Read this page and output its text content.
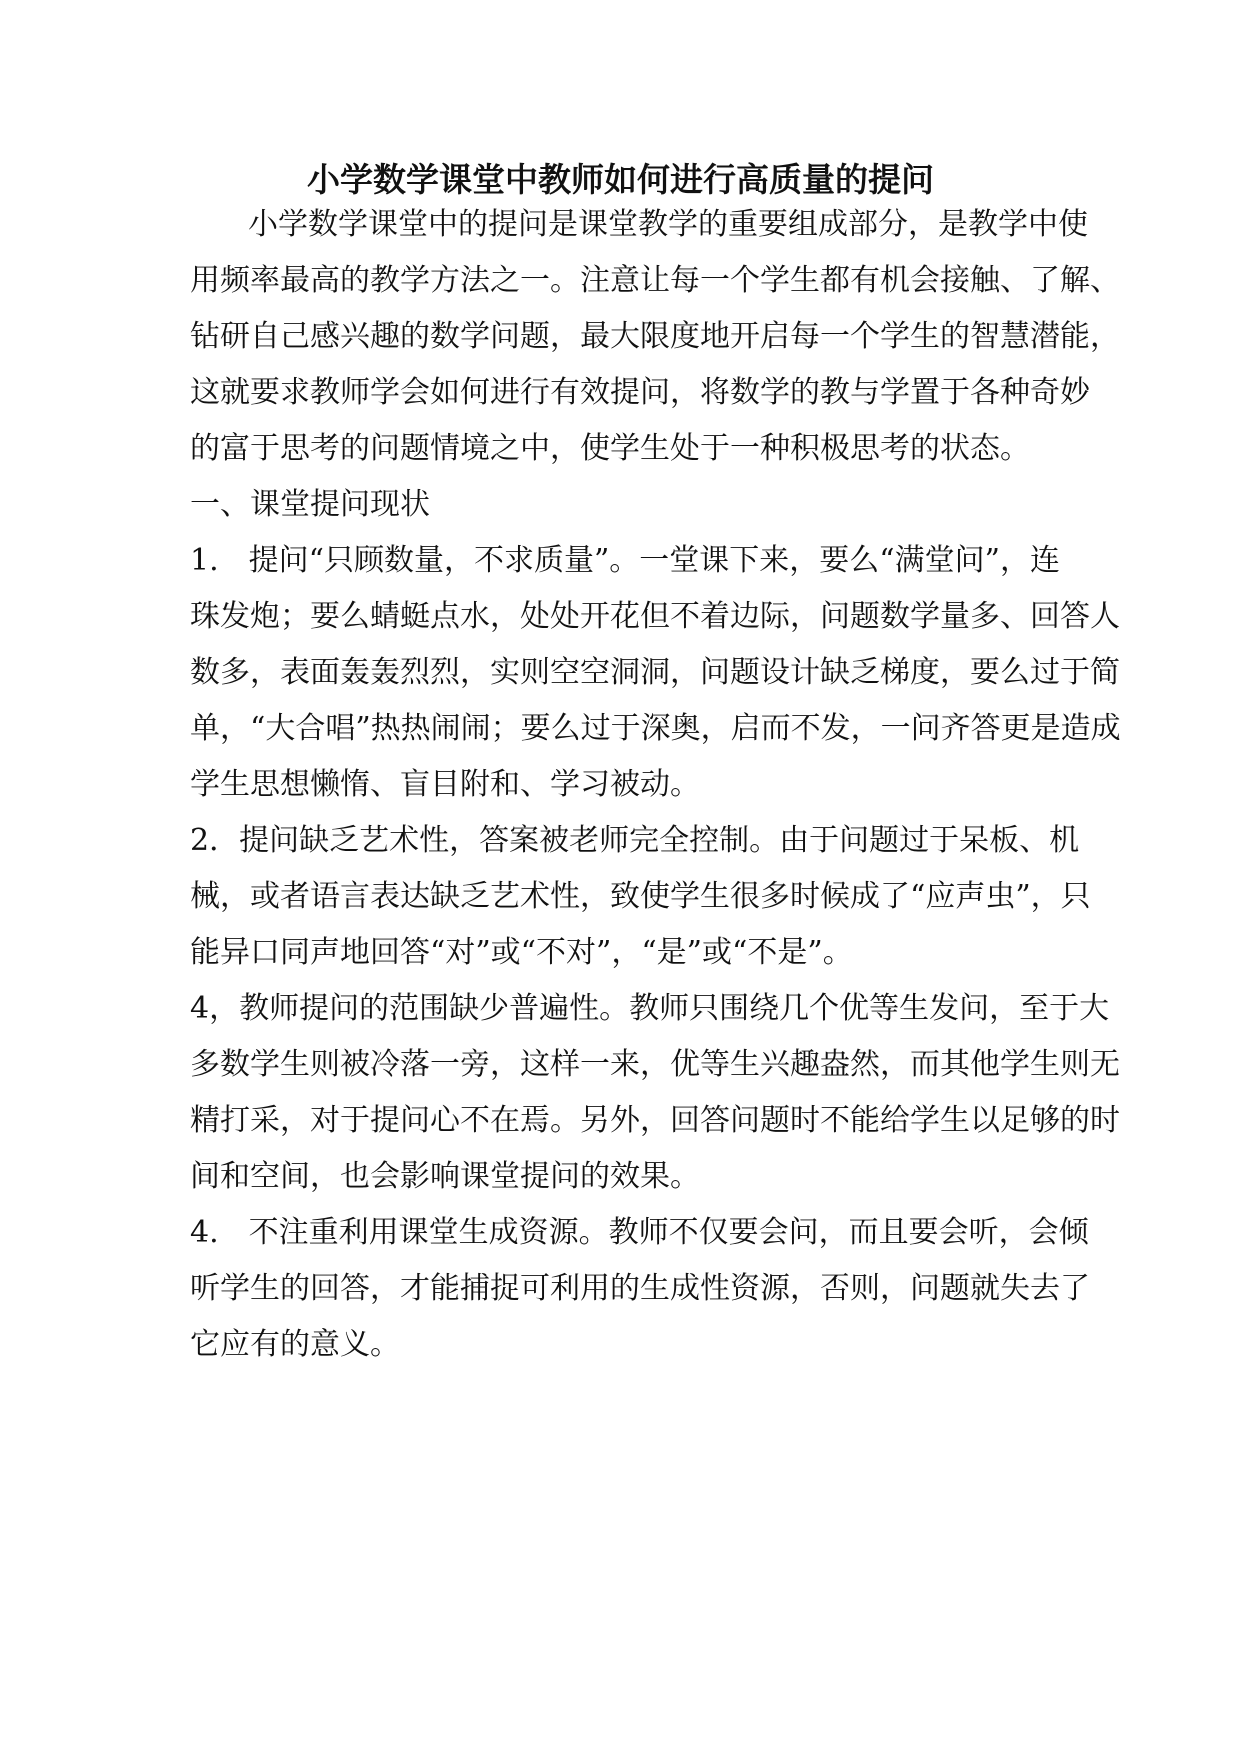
小学数学课堂中教师如何进行高质量的提问
小学数学课堂中的提问是课堂教学的重要组成部分，是教学中使
用频率最高的教学方法之一。注意让每一个学生都有机会接触、了解、
钻研自己感兴趣的数学问题，最大限度地开启每一个学生的智慧潜能，
这就要求教师学会如何进行有效提问，将数学的教与学置于各种奇妙
的富于思考的问题情境之中，使学生处于一种积极思考的状态。
一、课堂提问现状
1.　提问“只顾数量，不求质量”。一堂课下来，要么“满堂问”，连
珠发炮；要么蜻蜓点水，处处开花但不着边际，问题数学量多、回答人
数多，表面轰轰烈烈，实则空空洞洞，问题设计缺乏梯度，要么过于简
单，“大合唱”热热闹闹；要么过于深奥，启而不发，一问齐答更是造成
学生思想懒惰、盲目附和、学习被动。
2．提问缺乏艺术性，答案被老师完全控制。由于问题过于呆板、机
械，或者语言表达缺乏艺术性，致使学生很多时候成了“应声虫”，只
能异口同声地回答“对”或“不对”，“是”或“不是”。
4，教师提问的范围缺少普遍性。教师只围绕几个优等生发问，至于大
多数学生则被冷落一旁，这样一来，优等生兴趣盎然，而其他学生则无
精打采，对于提问心不在焉。另外，回答问题时不能给学生以足够的时
间和空间，也会影响课堂提问的效果。
4.　不注重利用课堂生成资源。教师不仅要会问，而且要会听，会倾
听学生的回答，才能捕捉可利用的生成性资源，否则，问题就失去了
它应有的意义。
